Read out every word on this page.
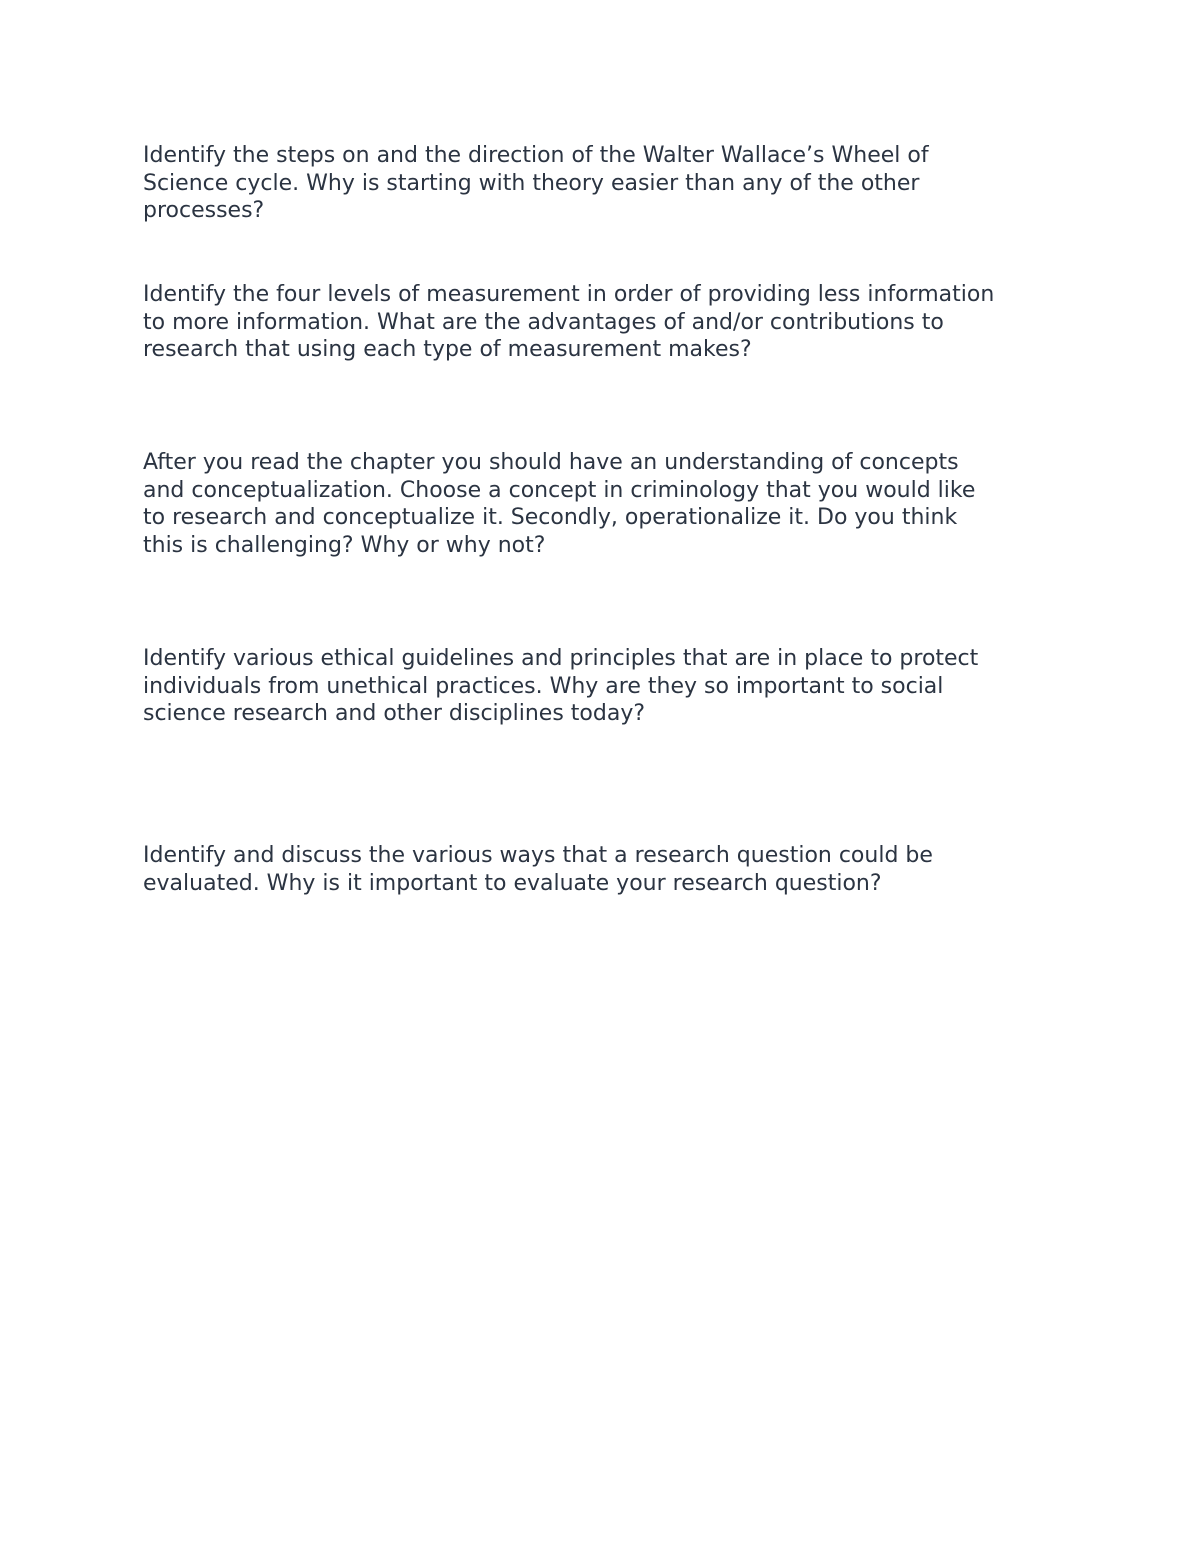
Identify the steps on and the direction of the Walter Wallace’s Wheel of
Science cycle. Why is starting with theory easier than any of the other
processes?

Identify the four levels of measurement in order of providing less information
to more information. What are the advantages of and/or contributions to
research that using each type of measurement makes?

After you read the chapter you should have an understanding of concepts
and conceptualization. Choose a concept in criminology that you would like
to research and conceptualize it. Secondly, operationalize it. Do you think
this is challenging? Why or why not?

Identify various ethical guidelines and principles that are in place to protect
individuals from unethical practices. Why are they so important to social
science research and other disciplines today?

Identify and discuss the various ways that a research question could be
evaluated. Why is it important to evaluate your research question?
